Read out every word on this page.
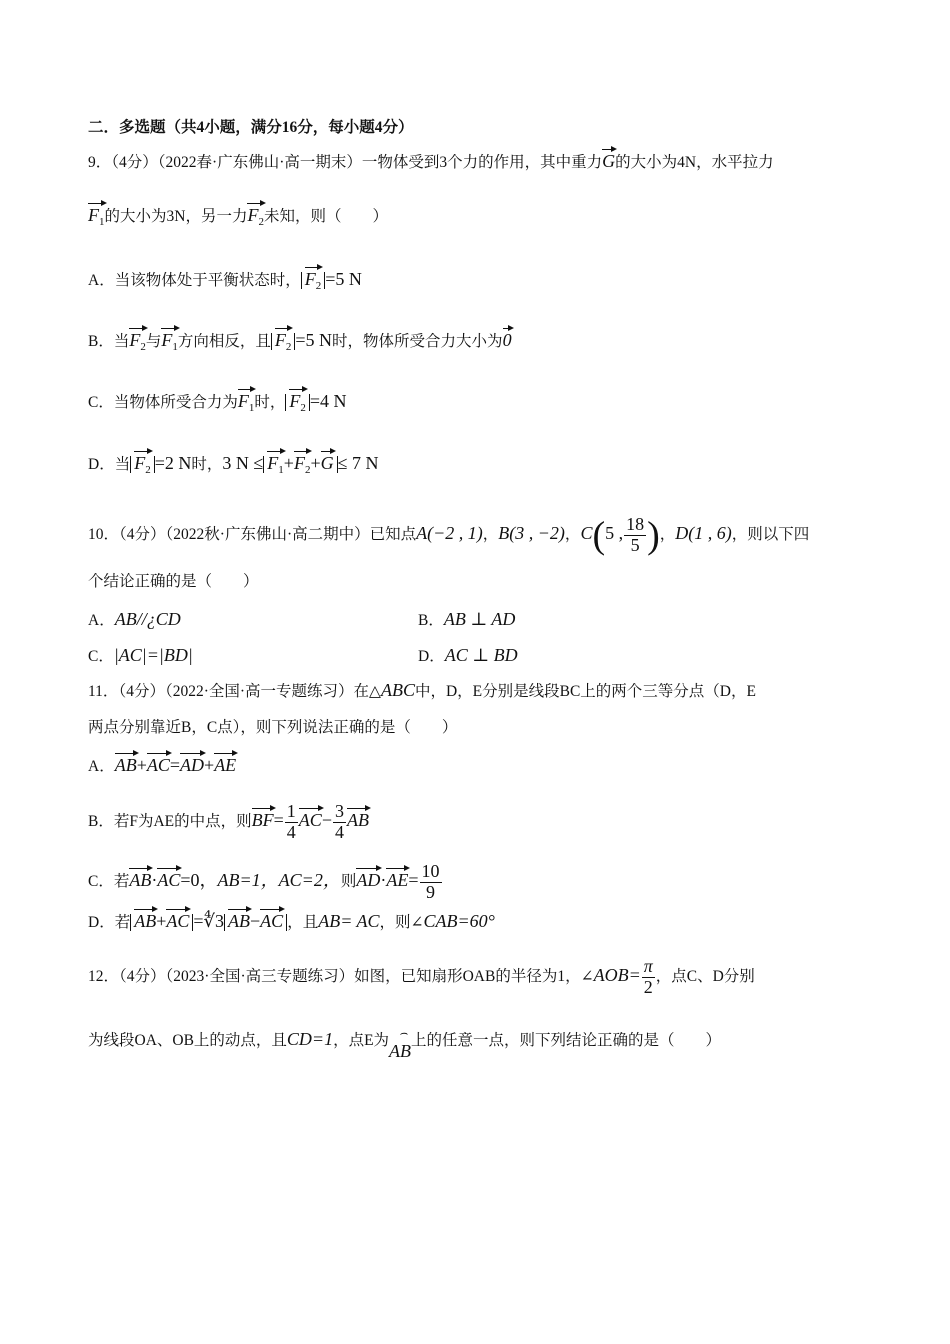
二．多选题（共4小题，满分16分，每小题4分）
9．（4分）（2022春·广东佛山·高一期末）一物体受到3个力的作用，其中重力G的大小为4N，水平拉力
$F_1$的大小为3N，另一力$F_2$未知，则（　　）
A．当该物体处于平衡状态时， $F_2 =5$ N
B．当$F_2$与$F_1$方向相反，且 $F_2 =5$ N时，物体所受合力大小为0
C．当物体所受合力为$F_1$时， $F_2 =4$ N
D．当 $F_2 =2$ N时，3 $N \le F_1+F_2+G \le 7$ N
10．（4分）（2022秋·广东佛山·高二期中）已知点A(−2 , 1)，B(3 , −2)，C(5 , $\frac{18}{5}$ )，D(1 , 6)，则以下四
个结论正确的是（　　）
A．AB//¿CD	B．AB ⊥ AD
C．|AC|=|BD|	D．AC ⊥ BD
11．（4分）（2022·全国·高一专题练习）在△ABC中，D，E分别是线段BC上的两个三等分点（D，E
两点分别靠近B，C点），则下列说法正确的是（　　）
A．AB+AC=AD+AE
B．若F为AE的中点，则$BF= \frac{1}{4} AC- \frac{3}{4}$ AB
C．若AB·AC=0，AB=1，AC=2，则$AD\cdot AE= \frac{10}{9}$
D．若 AB+AC =∜3 AB−AC ，且AB= AC，则∠CAB=60°
12．（4分）（2023·全国·高三专题练习）如图，已知扇形OAB的半径为1，∠AOB= $\frac{\pi}{2}$ ，点C、D分别
为线段OA、OB上的动点，且CD=1，点E为 ⌢
AB上的任意一点，则下列结论正确的是（　　）
